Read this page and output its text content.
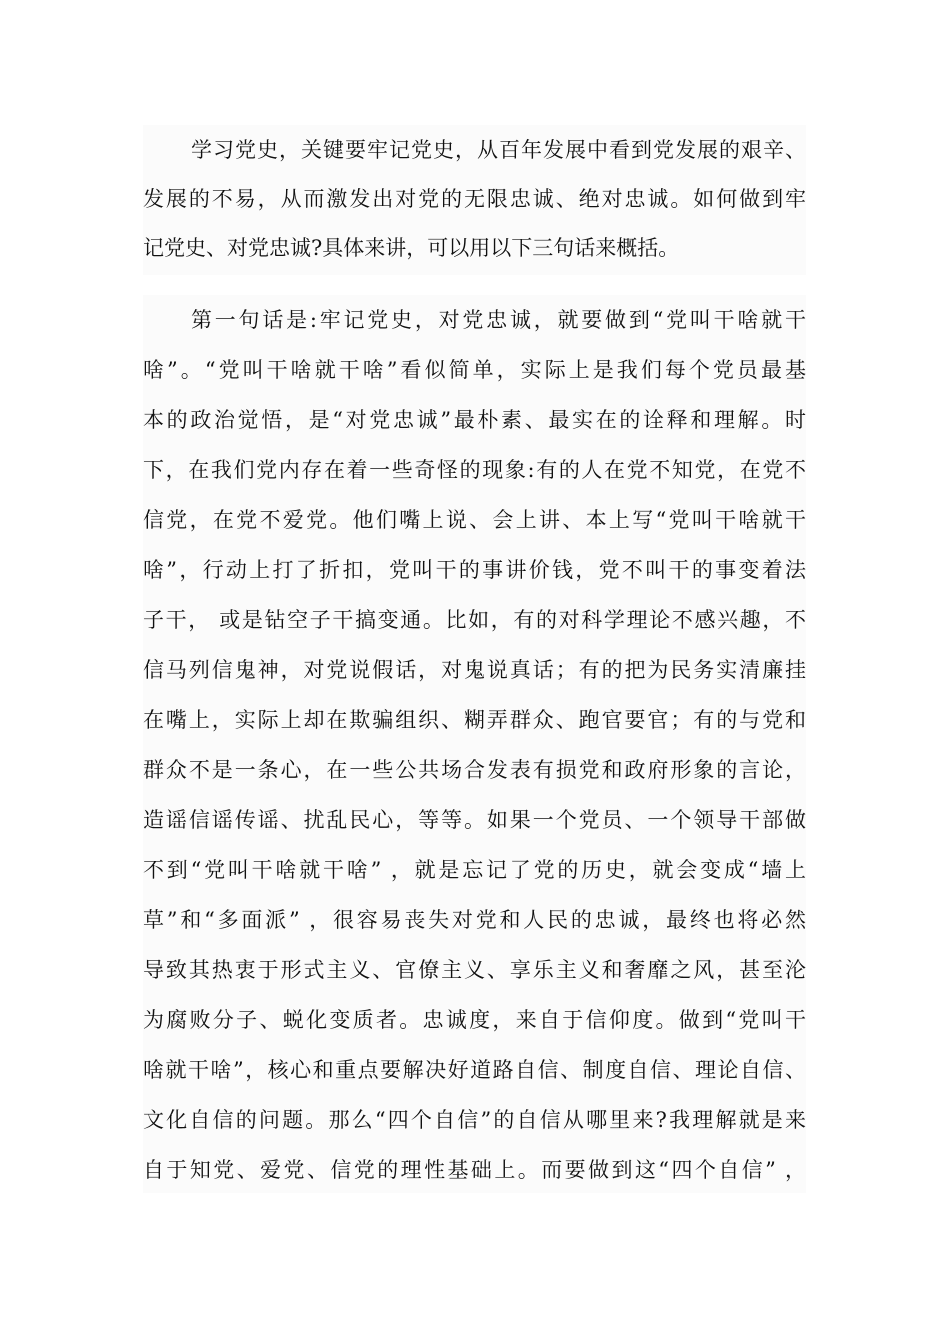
学习党史，关键要牢记党史，从百年发展中看到党发展的艰辛、
发展的不易，从而激发出对党的无限忠诚、绝对忠诚。如何做到牢
记党史、对党忠诚?具体来讲，可以用以下三句话来概括。
第一句话是:牢记党史，对党忠诚，就要做到“党叫干啥就干
啥”。“党叫干啥就干啥”看似简单，实际上是我们每个党员最基
本的政治觉悟，是“对党忠诚”最朴素、最实在的诠释和理解。时
下，在我们党内存在着一些奇怪的现象:有的人在党不知党，在党不
信党，在党不爱党。他们嘴上说、会上讲、本上写“党叫干啥就干
啥”，行动上打了折扣，党叫干的事讲价钱，党不叫干的事变着法
子干， 或是钻空子干搞变通。比如，有的对科学理论不感兴趣，不
信马列信鬼神，对党说假话，对鬼说真话；有的把为民务实清廉挂
在嘴上，实际上却在欺骗组织、糊弄群众、跑官要官；有的与党和
群众不是一条心，在一些公共场合发表有损党和政府形象的言论，
造谣信谣传谣、扰乱民心，等等。如果一个党员、一个领导干部做
不到“党叫干啥就干啥” ，就是忘记了党的历史，就会变成“墙上
草”和“多面派” ，很容易丧失对党和人民的忠诚，最终也将必然
导致其热衷于形式主义、官僚主义、享乐主义和奢靡之风，甚至沦
为腐败分子、蜕化变质者。忠诚度，来自于信仰度。做到“党叫干
啥就干啥”，核心和重点要解决好道路自信、制度自信、理论自信、
文化自信的问题。那么“四个自信”的自信从哪里来?我理解就是来
自于知党、爱党、信党的理性基础上。而要做到这“四个自信” ，
